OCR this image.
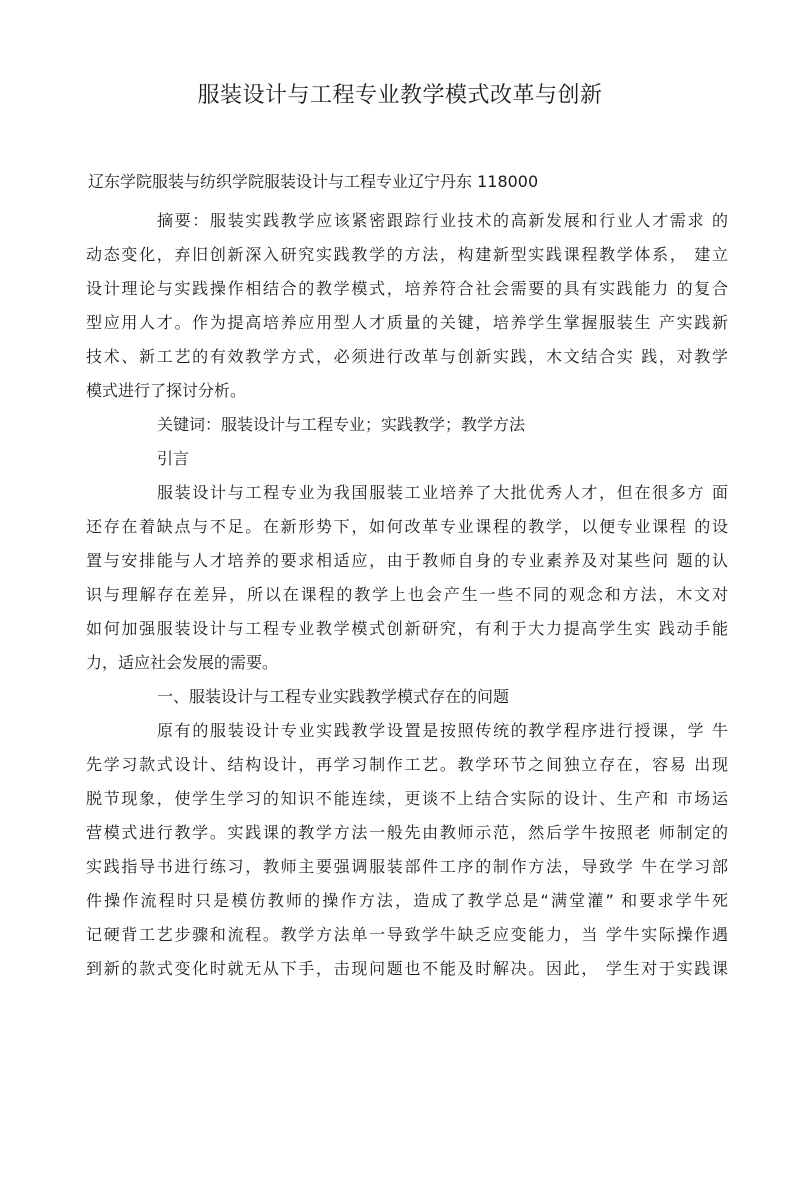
服装设计与工程专业教学模式改革与创新
辽东学院服装与纺织学院服装设计与工程专业辽宁丹东 118000
摘要：服装实践教学应该紧密跟踪行业技术的高新发展和行业人才需求 的
动态变化，弃旧创新深入研究实践教学的方法，构建新型实践课程教学体系， 建立
设计理论与实践操作相结合的教学模式，培养符合社会需要的具有实践能力 的复合
型应用人才。作为提高培养应用型人才质量的关键，培养学生掌握服装生 产实践新
技术、新工艺的有效教学方式，必须进行改革与创新实践，木文结合实 践，对教学
模式进行了探讨分析。
关键词：服装设计与工程专业；实践教学；教学方法
引言
服装设计与工程专业为我国服装工业培养了大批优秀人才，但在很多方 面
还存在着缺点与不足。在新形势下，如何改革专业课程的教学，以便专业课程 的设
置与安排能与人才培养的要求相适应，由于教师自身的专业素养及对某些问 题的认
识与理解存在差异，所以在课程的教学上也会产生一些不同的观念和方法，木文对
如何加强服装设计与工程专业教学模式创新研究，有利于大力提高学生实 践动手能
力，适应社会发展的需要。
一、服装设计与工程专业实践教学模式存在的问题
原有的服装设计专业实践教学设置是按照传统的教学程序进行授课，学 牛
先学习款式设计、结构设计，再学习制作工艺。教学环节之间独立存在，容易 出现
脱节现象，使学生学习的知识不能连续，更谈不上结合实际的设计、生产和 市场运
营模式进行教学。实践课的教学方法一般先由教师示范，然后学牛按照老 师制定的
实践指导书进行练习，教师主要强调服装部件工序的制作方法，导致学 牛在学习部
件操作流程时只是模仿教师的操作方法，造成了教学总是“满堂灌” 和要求学牛死
记硬背工艺步骤和流程。教学方法单一导致学牛缺乏应变能力，当 学牛实际操作遇
到新的款式变化时就无从下手，击现问题也不能及时解决。因此， 学生对于实践课
